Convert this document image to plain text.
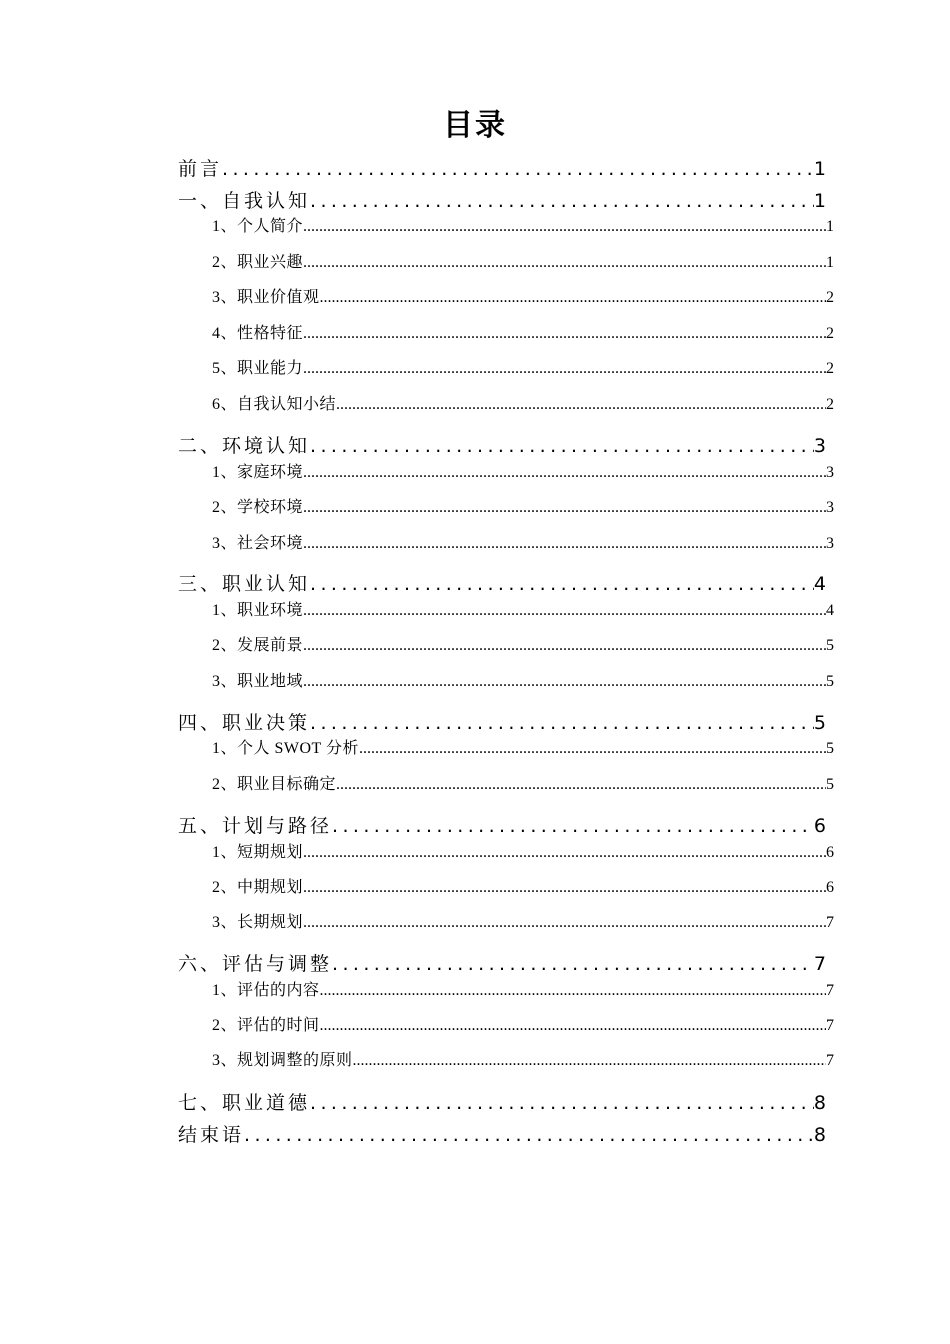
目录
前言 .....	1
一、自我认知 .....	1
1、个人简介 .....	1
2、职业兴趣 .....	1
3、职业价值观 .....	2
4、性格特征 .....	2
5、职业能力 .....	2
6、自我认知小结 .....	2
二、环境认知 .....	3
1、家庭环境 .....	3
2、学校环境 .....	3
3、社会环境 .....	3
三、职业认知 .....	4
1、职业环境 .....	4
2、发展前景 .....	5
3、职业地域 .....	5
四、职业决策 .....	5
1、个人 SWOT 分析 .....	5
2、职业目标确定 .....	5
五、计划与路径 .....	6
1、短期规划 .....	6
2、中期规划 .....	6
3、长期规划 .....	7
六、评估与调整 .....	7
1、评估的内容 .....	7
2、评估的时间 .....	7
3、规划调整的原则 .....	7
七、职业道德 .....	8
结束语 .....	8
